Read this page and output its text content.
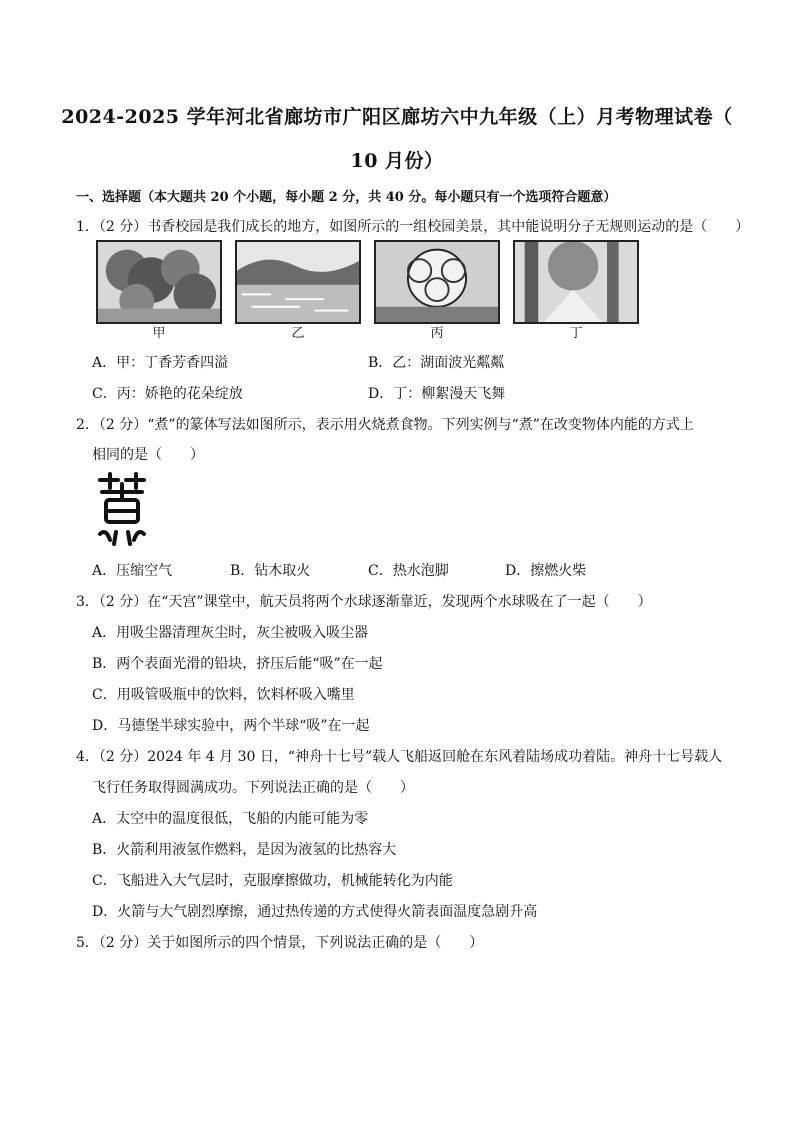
2024-2025 学年河北省廊坊市广阳区廊坊六中九年级（上）月考物理试卷（
10 月份）
一、选择题（本大题共 20 个小题，每小题 2 分，共 40 分。每小题只有一个选项符合题意）
1．（2 分）书香校园是我们成长的地方，如图所示的一组校园美景，其中能说明分子无规则运动的是（　　）
甲	乙	丙	丁
A．甲：丁香芳香四溢	B．乙：湖面波光粼粼
C．丙：娇艳的花朵绽放	D．丁：柳絮漫天飞舞
2．（2 分）“煮”的篆体写法如图所示，表示用火烧煮食物。下列实例与“煮”在改变物体内能的方式上
相同的是（　　）
A．压缩空气	B．钻木取火	C．热水泡脚	D．擦燃火柴
3．（2 分）在“天宫”课堂中，航天员将两个水球逐渐靠近，发现两个水球吸在了一起（　　）
A．用吸尘器清理灰尘时，灰尘被吸入吸尘器
B．两个表面光滑的铅块，挤压后能“吸”在一起
C．用吸管吸瓶中的饮料，饮料杯吸入嘴里
D．马德堡半球实验中，两个半球“吸”在一起
4．（2 分）2024 年 4 月 30 日，“神舟十七号”载人飞船返回舱在东风着陆场成功着陆。神舟十七号载人
飞行任务取得圆满成功。下列说法正确的是（　　）
A．太空中的温度很低，飞船的内能可能为零
B．火箭利用液氢作燃料，是因为液氢的比热容大
C．飞船进入大气层时，克服摩擦做功，机械能转化为内能
D．火箭与大气剧烈摩擦，通过热传递的方式使得火箭表面温度急剧升高
5．（2 分）关于如图所示的四个情景，下列说法正确的是（　　）
